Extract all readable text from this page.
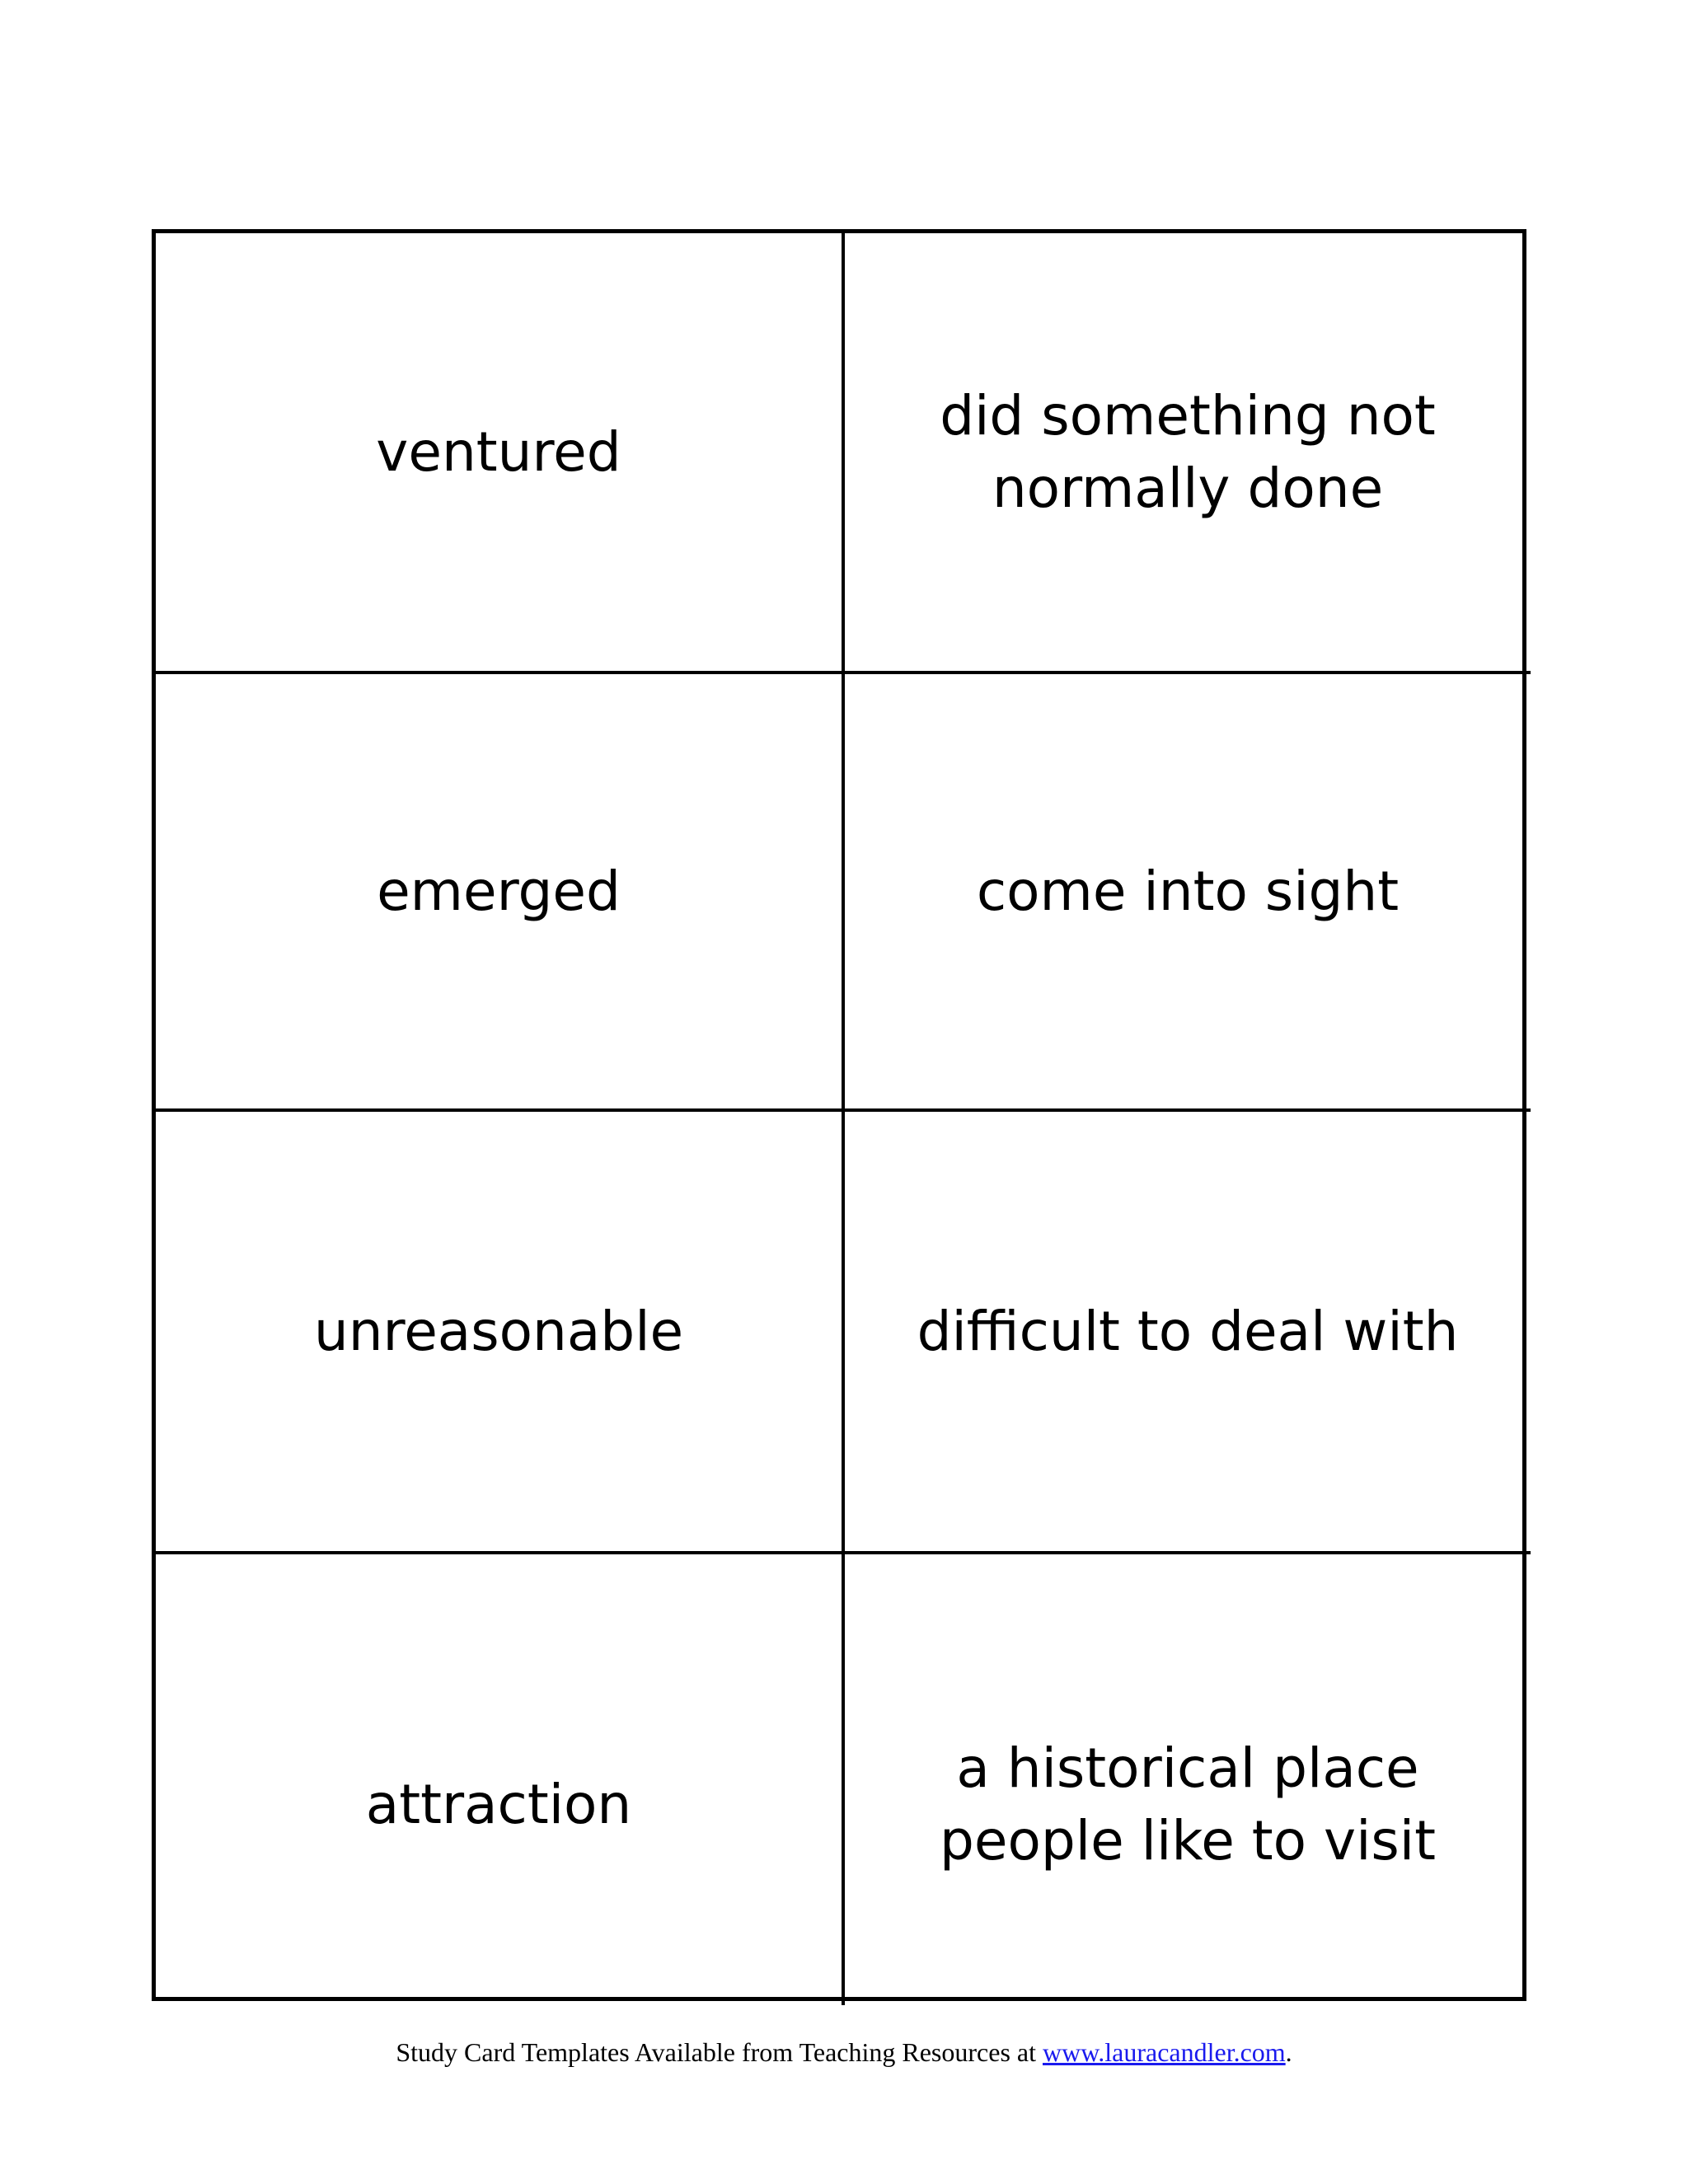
ventured
did something not normally done
emerged	come into sight
unreasonable	difficult to deal with
attraction
a historical place people like to visit
Study Card Templates Available from Teaching Resources at www.lauracandler.com.
